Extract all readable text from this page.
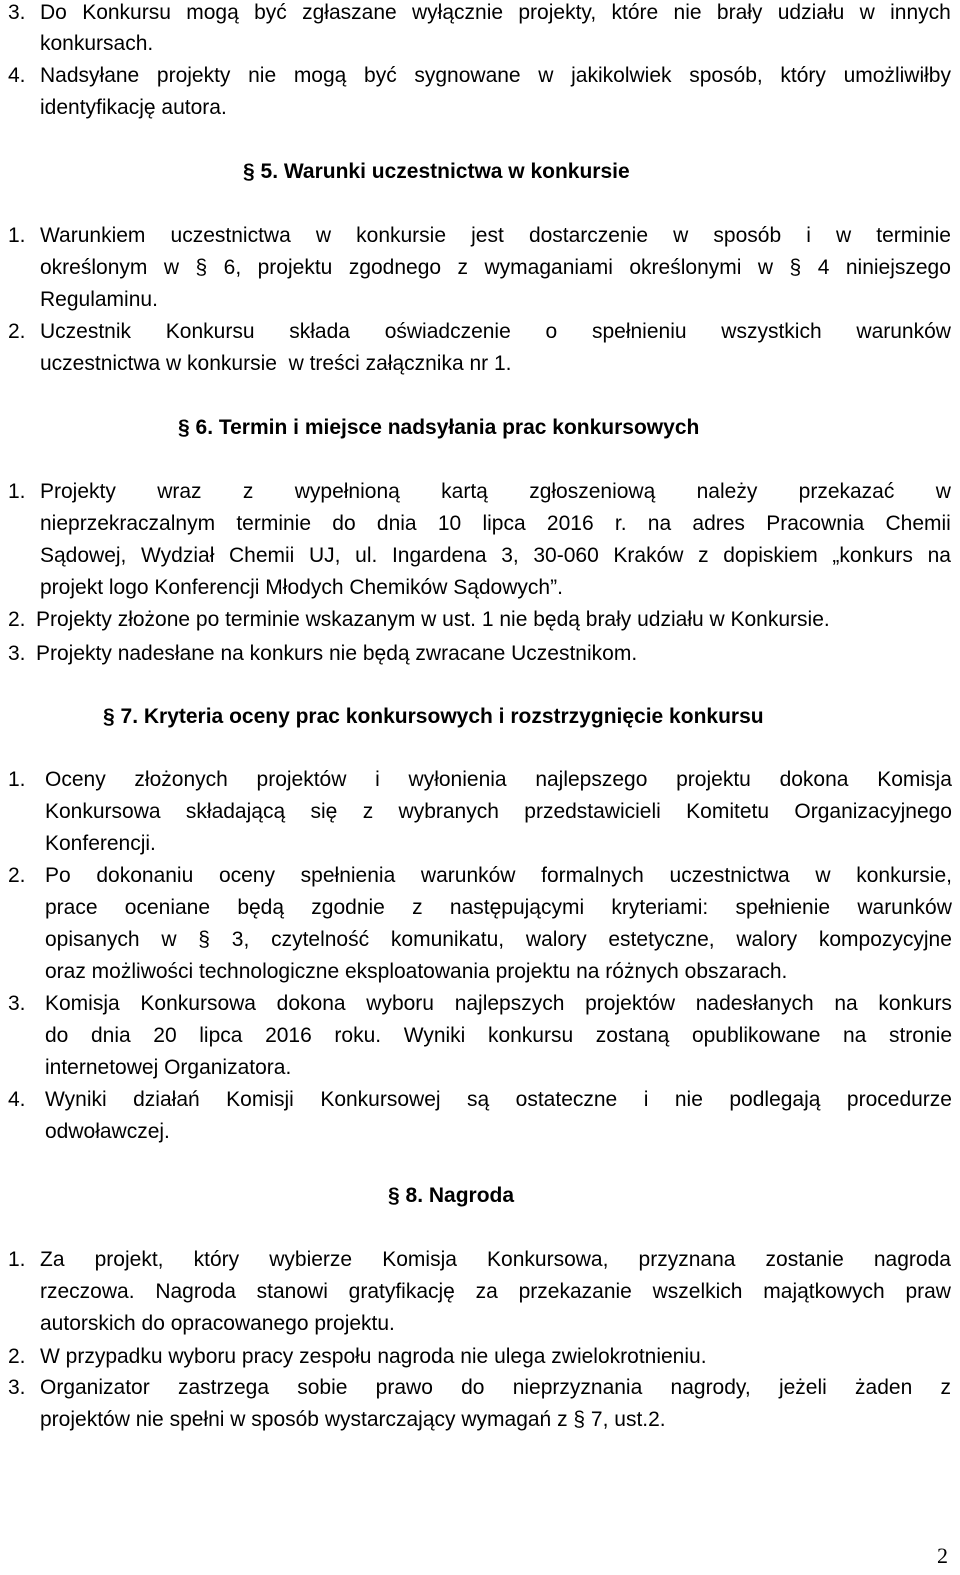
3. Do Konkursu mogą być zgłaszane wyłącznie projekty, które nie brały udziału w innych
konkursach.
4. Nadsyłane projekty nie mogą być sygnowane w jakikolwiek sposób, który umożliwiłby
identyfikację autora.
§ 5. Warunki uczestnictwa w konkursie
1. Warunkiem uczestnictwa w konkursie jest dostarczenie w sposób i w terminie
określonym w § 6, projektu zgodnego z wymaganiami określonymi w § 4 niniejszego
Regulaminu.
2. Uczestnik Konkursu składa oświadczenie o spełnieniu wszystkich warunków
uczestnictwa w konkursie  w treści załącznika nr 1.
§ 6. Termin i miejsce nadsyłania prac konkursowych
1. Projekty wraz z wypełnioną kartą zgłoszeniową należy przekazać w
nieprzekraczalnym terminie do dnia 10 lipca 2016 r. na adres Pracownia Chemii
Sądowej, Wydział Chemii UJ, ul. Ingardena 3, 30-060 Kraków z dopiskiem „konkurs na
projekt logo Konferencji Młodych Chemików Sądowych”.
2. Projekty złożone po terminie wskazanym w ust. 1 nie będą brały udziału w Konkursie.
3. Projekty nadesłane na konkurs nie będą zwracane Uczestnikom.
§ 7. Kryteria oceny prac konkursowych i rozstrzygnięcie konkursu
1. Oceny złożonych projektów i wyłonienia najlepszego projektu dokona Komisja
Konkursowa składającą się z wybranych przedstawicieli Komitetu Organizacyjnego
Konferencji.
2. Po dokonaniu oceny spełnienia warunków formalnych uczestnictwa w konkursie,
prace oceniane będą zgodnie z następującymi kryteriami: spełnienie warunków
opisanych w § 3, czytelność komunikatu, walory estetyczne, walory kompozycyjne
oraz możliwości technologiczne eksploatowania projektu na różnych obszarach.
3. Komisja Konkursowa dokona wyboru najlepszych projektów nadesłanych na konkurs
do dnia 20 lipca 2016 roku. Wyniki konkursu zostaną opublikowane na stronie
internetowej Organizatora.
4. Wyniki działań Komisji Konkursowej są ostateczne i nie podlegają procedurze
odwoławczej.
§ 8. Nagroda
1. Za projekt, który wybierze Komisja Konkursowa, przyznana zostanie nagroda
rzeczowa. Nagroda stanowi gratyfikację za przekazanie wszelkich majątkowych praw
autorskich do opracowanego projektu.
2. W przypadku wyboru pracy zespołu nagroda nie ulega zwielokrotnieniu.
3. Organizator zastrzega sobie prawo do nieprzyznania nagrody, jeżeli żaden z
projektów nie spełni w sposób wystarczający wymagań z § 7, ust.2.
2
